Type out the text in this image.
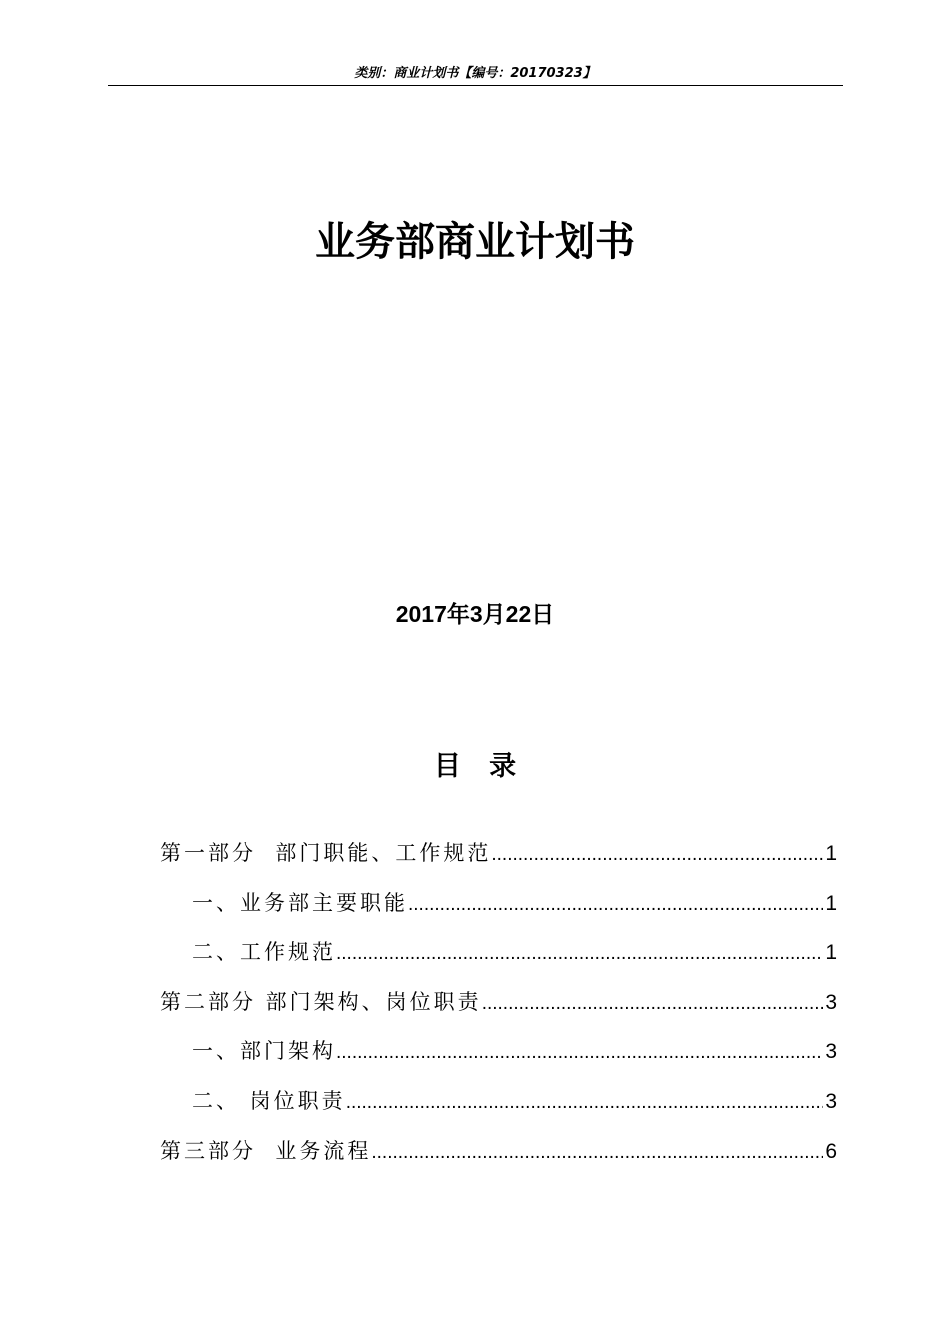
类别：商业计划书【编号：20170323】
业务部商业计划书
2017年3月22日
目   录
第一部分  部门职能、工作规范 .....	1
一、业务部主要职能 .....	1
二、工作规范 .....	1
第二部分 部门架构、岗位职责 .....	3
一、部门架构 .....	3
二、 岗位职责 .....	3
第三部分  业务流程 .....	6
